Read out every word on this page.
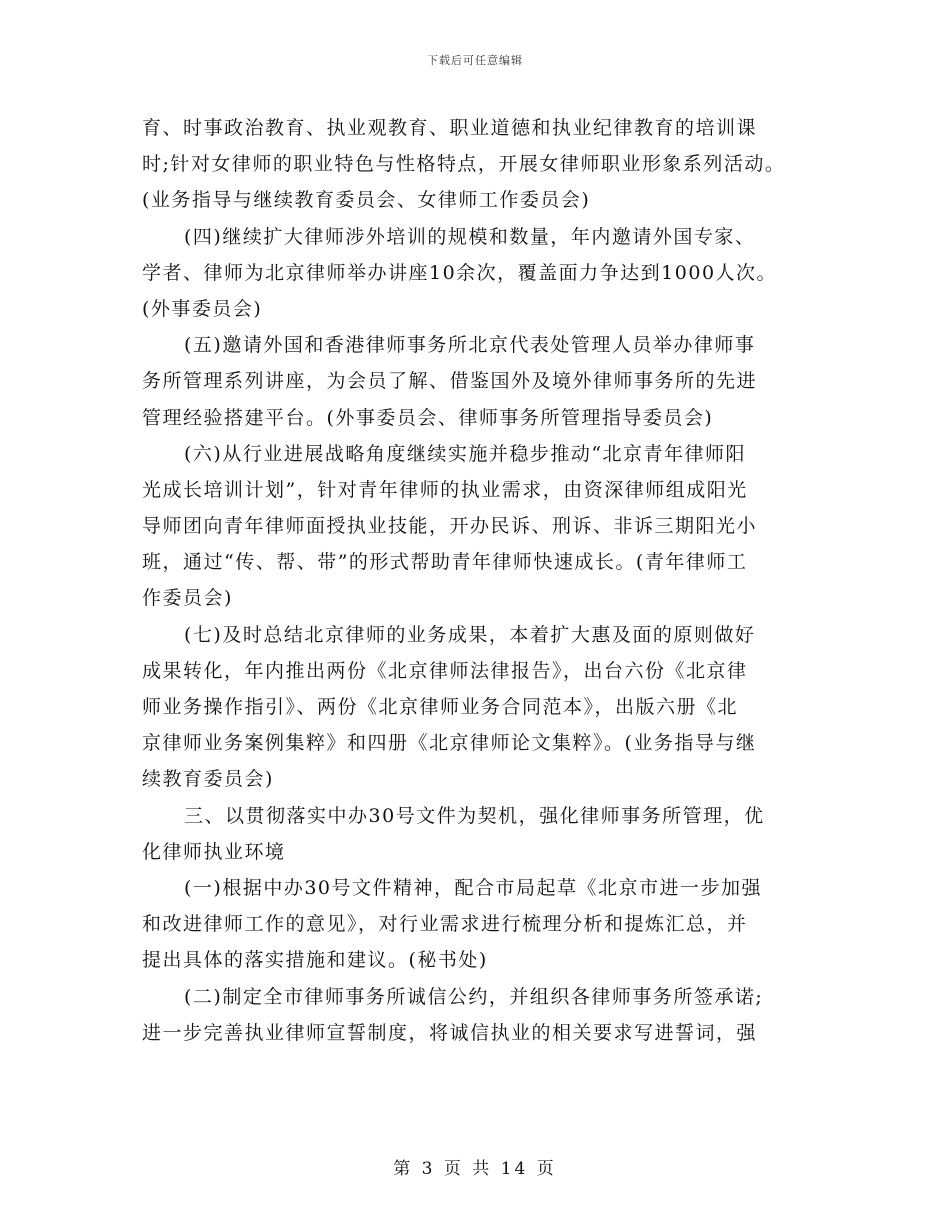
下载后可任意编辑
育、时事政治教育、执业观教育、职业道德和执业纪律教育的培训课
时;针对女律师的职业特色与性格特点，开展女律师职业形象系列活动。
(业务指导与继续教育委员会、女律师工作委员会)
(四)继续扩大律师涉外培训的规模和数量，年内邀请外国专家、
学者、律师为北京律师举办讲座10余次，覆盖面力争达到1000人次。
(外事委员会)
(五)邀请外国和香港律师事务所北京代表处管理人员举办律师事
务所管理系列讲座，为会员了解、借鉴国外及境外律师事务所的先进
管理经验搭建平台。(外事委员会、律师事务所管理指导委员会)
(六)从行业进展战略角度继续实施并稳步推动“北京青年律师阳
光成长培训计划”，针对青年律师的执业需求，由资深律师组成阳光
导师团向青年律师面授执业技能，开办民诉、刑诉、非诉三期阳光小
班，通过“传、帮、带”的形式帮助青年律师快速成长。(青年律师工
作委员会)
(七)及时总结北京律师的业务成果，本着扩大惠及面的原则做好
成果转化，年内推出两份《北京律师法律报告》，出台六份《北京律
师业务操作指引》、两份《北京律师业务合同范本》，出版六册《北
京律师业务案例集粹》和四册《北京律师论文集粹》。(业务指导与继
续教育委员会)
三、以贯彻落实中办30号文件为契机，强化律师事务所管理，优
化律师执业环境
(一)根据中办30号文件精神，配合市局起草《北京市进一步加强
和改进律师工作的意见》，对行业需求进行梳理分析和提炼汇总，并
提出具体的落实措施和建议。(秘书处)
(二)制定全市律师事务所诚信公约，并组织各律师事务所签承诺;
进一步完善执业律师宣誓制度，将诚信执业的相关要求写进誓词，强
第 3 页 共 14 页
